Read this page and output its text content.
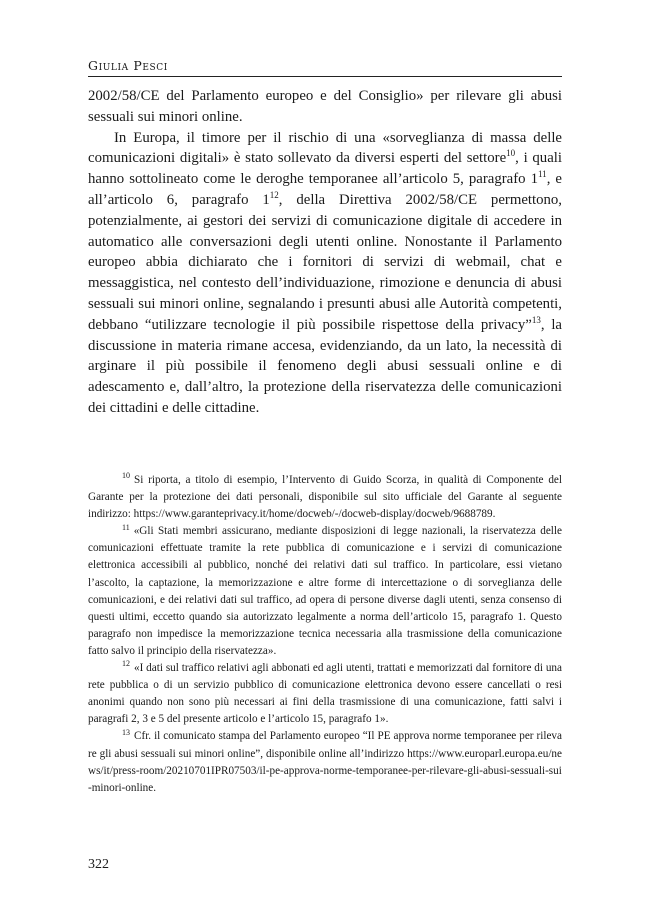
Giulia Pesci

2002/58/CE del Parlamento europeo e del Consiglio» per rilevare gli abusi sessuali sui minori online.

In Europa, il timore per il rischio di una «sorveglianza di massa delle comunicazioni digitali» è stato sollevato da diversi esperti del settore$^{10}$, i quali hanno sottolineato come le deroghe temporanee all’articolo 5, paragrafo $1^{11}$, e all’articolo 6, paragrafo $1^{12}$, della Direttiva 2002/58/CE permettono, potenzialmente, ai gestori dei servizi di comunicazione digitale di accedere in automatico alle conversazioni degli utenti online. Nonostante il Parlamento europeo abbia dichiarato che i fornitori di servizi di webmail, chat e messaggistica, nel contesto dell’individuazione, rimozione e denuncia di abusi sessuali sui minori online, segnalando i presunti abusi alle Autorità competenti, debbano “utilizzare tecnologie il più possibile rispettose della privacy”$^{13}$, la discussione in materia rimane accesa, evidenziando, da un lato, la necessità di arginare il più possibile il fenomeno degli abusi sessuali online e di adescamento e, dall’altro, la protezione della riservatezza delle comunicazioni dei cittadini e delle cittadine.

$^{10}$ Si riporta, a titolo di esempio, l’Intervento di Guido Scorza, in qualità di Componente del Garante per la protezione dei dati personali, disponibile sul sito ufficiale del Garante al seguente indirizzo: https://www.garanteprivacy.it/home/docweb/-/docweb-display/docweb/9688789.

$^{11}$ «Gli Stati membri assicurano, mediante disposizioni di legge nazionali, la riservatezza delle comunicazioni effettuate tramite la rete pubblica di comunicazione e i servizi di comunicazione elettronica accessibili al pubblico, nonché dei relativi dati sul traffico. In particolare, essi vietano l’ascolto, la captazione, la memorizzazione e altre forme di intercettazione o di sorveglianza delle comunicazioni, e dei relativi dati sul traffico, ad opera di persone diverse dagli utenti, senza consenso di questi ultimi, eccetto quando sia autorizzato legalmente a norma dell’articolo 15, paragrafo 1. Questo paragrafo non impedisce la memorizzazione tecnica necessaria alla trasmissione della comunicazione fatto salvo il principio della riservatezza».

$^{12}$ «I dati sul traffico relativi agli abbonati ed agli utenti, trattati e memorizzati dal fornitore di una rete pubblica o di un servizio pubblico di comunicazione elettronica devono essere cancellati o resi anonimi quando non sono più necessari ai fini della trasmissione di una comunicazione, fatti salvi i paragrafi 2, 3 e 5 del presente articolo e l’articolo 15, paragrafo 1».

$^{13}$ Cfr. il comunicato stampa del Parlamento europeo “Il PE approva norme temporanee per rilevare gli abusi sessuali sui minori online”, disponibile online all’indirizzo https://www.europarl.europa.eu/news/it/press-room/20210701IPR07503/il-pe-approva-norme-temporanee-per-rilevare-gli-abusi-sessuali-sui-minori-online.

322
